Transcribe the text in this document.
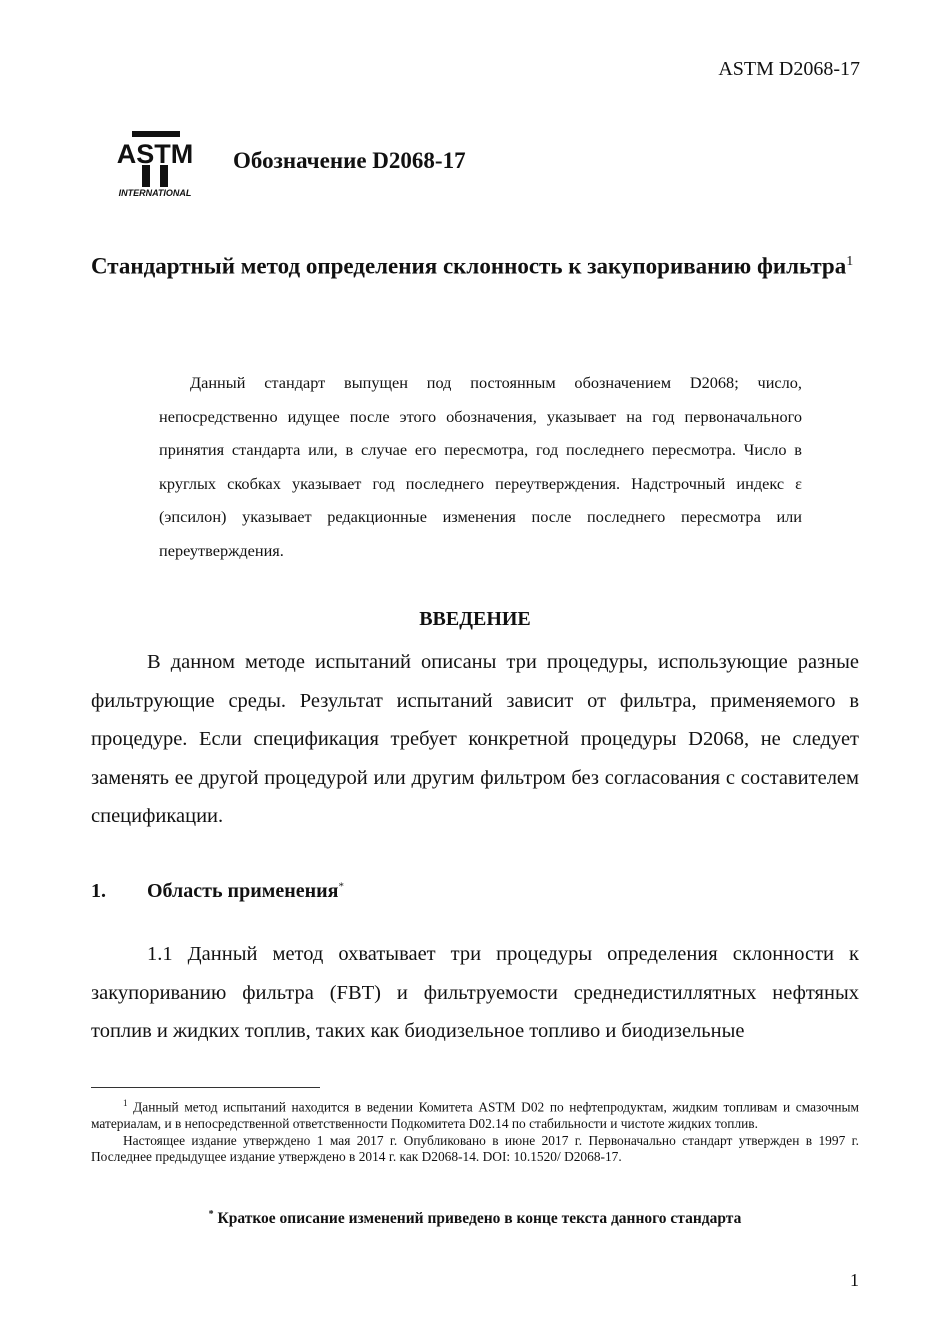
ASTM D2068-17
ASTM
INTERNATIONAL
Обозначение D2068-17
Стандартный метод определения склонность к закупориванию фильтра$^1$
Данный стандарт выпущен под постоянным обозначением D2068; число, непосредственно идущее после этого обозначения, указывает на год первоначального принятия стандарта или, в случае его пересмотра, год последнего пересмотра. Число в круглых скобках указывает год последнего переутверждения. Надстрочный индекс ε (эпсилон) указывает редакционные изменения после последнего пересмотра или переутверждения.
ВВЕДЕНИЕ
В данном методе испытаний описаны три процедуры, использующие разные фильтрующие среды. Результат испытаний зависит от фильтра, применяемого в процедуре. Если спецификация требует конкретной процедуры D2068, не следует заменять ее другой процедурой или другим фильтром без согласования с составителем спецификации.
1. Область применения*
1.1 Данный метод охватывает три процедуры определения склонности к закупориванию фильтра (FBT) и фильтруемости среднедистиллятных нефтяных топлив и жидких топлив, таких как биодизельное топливо и биодизельные

$^1$ Данный метод испытаний находится в ведении Комитета ASTM D02 по нефтепродуктам, жидким топливам и смазочным материалам, и в непосредственной ответственности Подкомитета D02.14 по стабильности и чистоте жидких топлив.

Настоящее издание утверждено 1 мая 2017 г. Опубликовано в июне 2017 г. Первоначально стандарт утвержден в 1997 г. Последнее предыдущее издание утверждено в 2014 г. как D2068-14. DOI: 10.1520/ D2068-17.

* Краткое описание изменений приведено в конце текста данного стандарта
1
